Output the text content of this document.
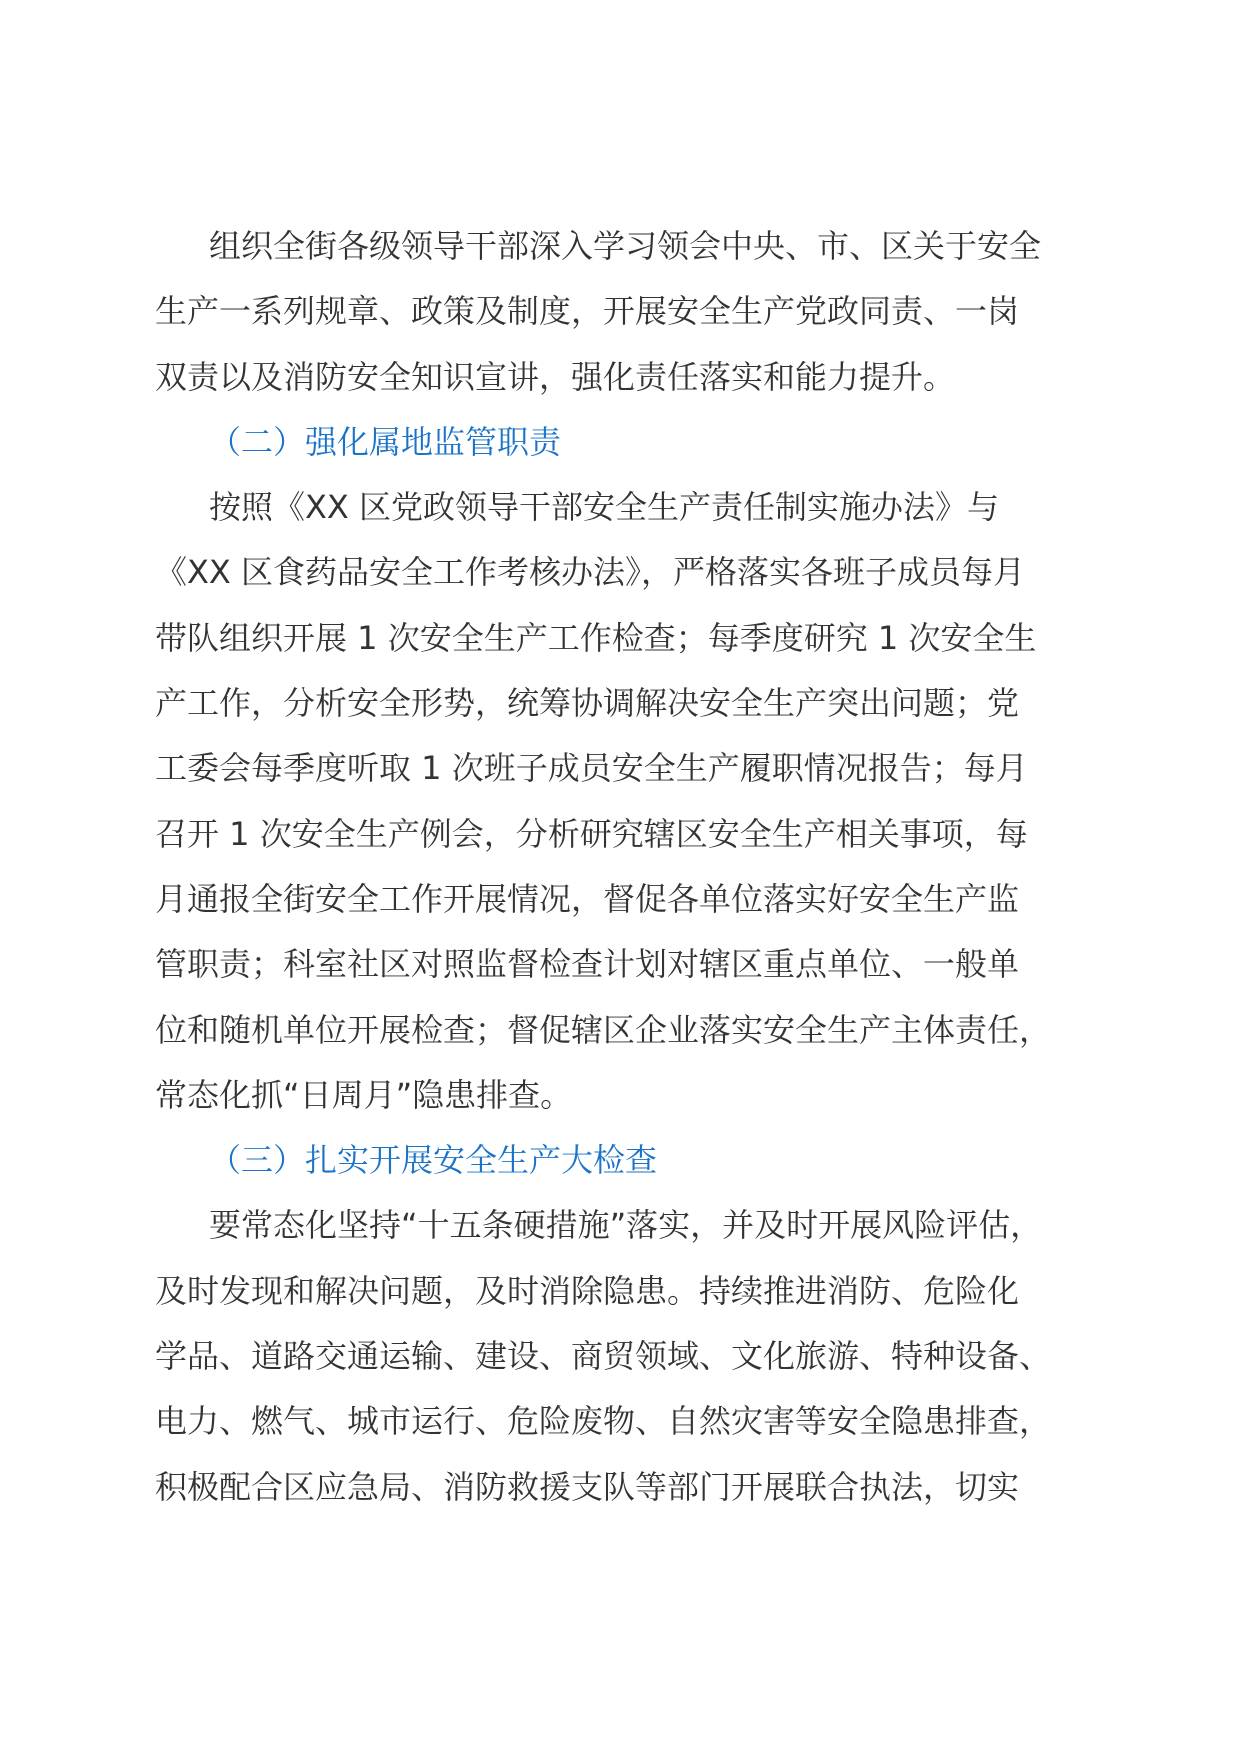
组织全街各级领导干部深入学习领会中央、市、区关于安全
生产一系列规章、政策及制度，开展安全生产党政同责、一岗
双责以及消防安全知识宣讲，强化责任落实和能力提升。
（二）强化属地监管职责
按照《XX 区党政领导干部安全生产责任制实施办法》与
《XX 区食药品安全工作考核办法》，严格落实各班子成员每月
带队组织开展 1 次安全生产工作检查；每季度研究 1 次安全生
产工作，分析安全形势，统筹协调解决安全生产突出问题；党
工委会每季度听取 1 次班子成员安全生产履职情况报告；每月
召开 1 次安全生产例会，分析研究辖区安全生产相关事项，每
月通报全街安全工作开展情况，督促各单位落实好安全生产监
管职责；科室社区对照监督检查计划对辖区重点单位、一般单
位和随机单位开展检查；督促辖区企业落实安全生产主体责任，
常态化抓“日周月”隐患排查。
（三）扎实开展安全生产大检查
要常态化坚持“十五条硬措施”落实，并及时开展风险评估，
及时发现和解决问题，及时消除隐患。持续推进消防、危险化
学品、道路交通运输、建设、商贸领域、文化旅游、特种设备、
电力、燃气、城市运行、危险废物、自然灾害等安全隐患排查，
积极配合区应急局、消防救援支队等部门开展联合执法，切实
